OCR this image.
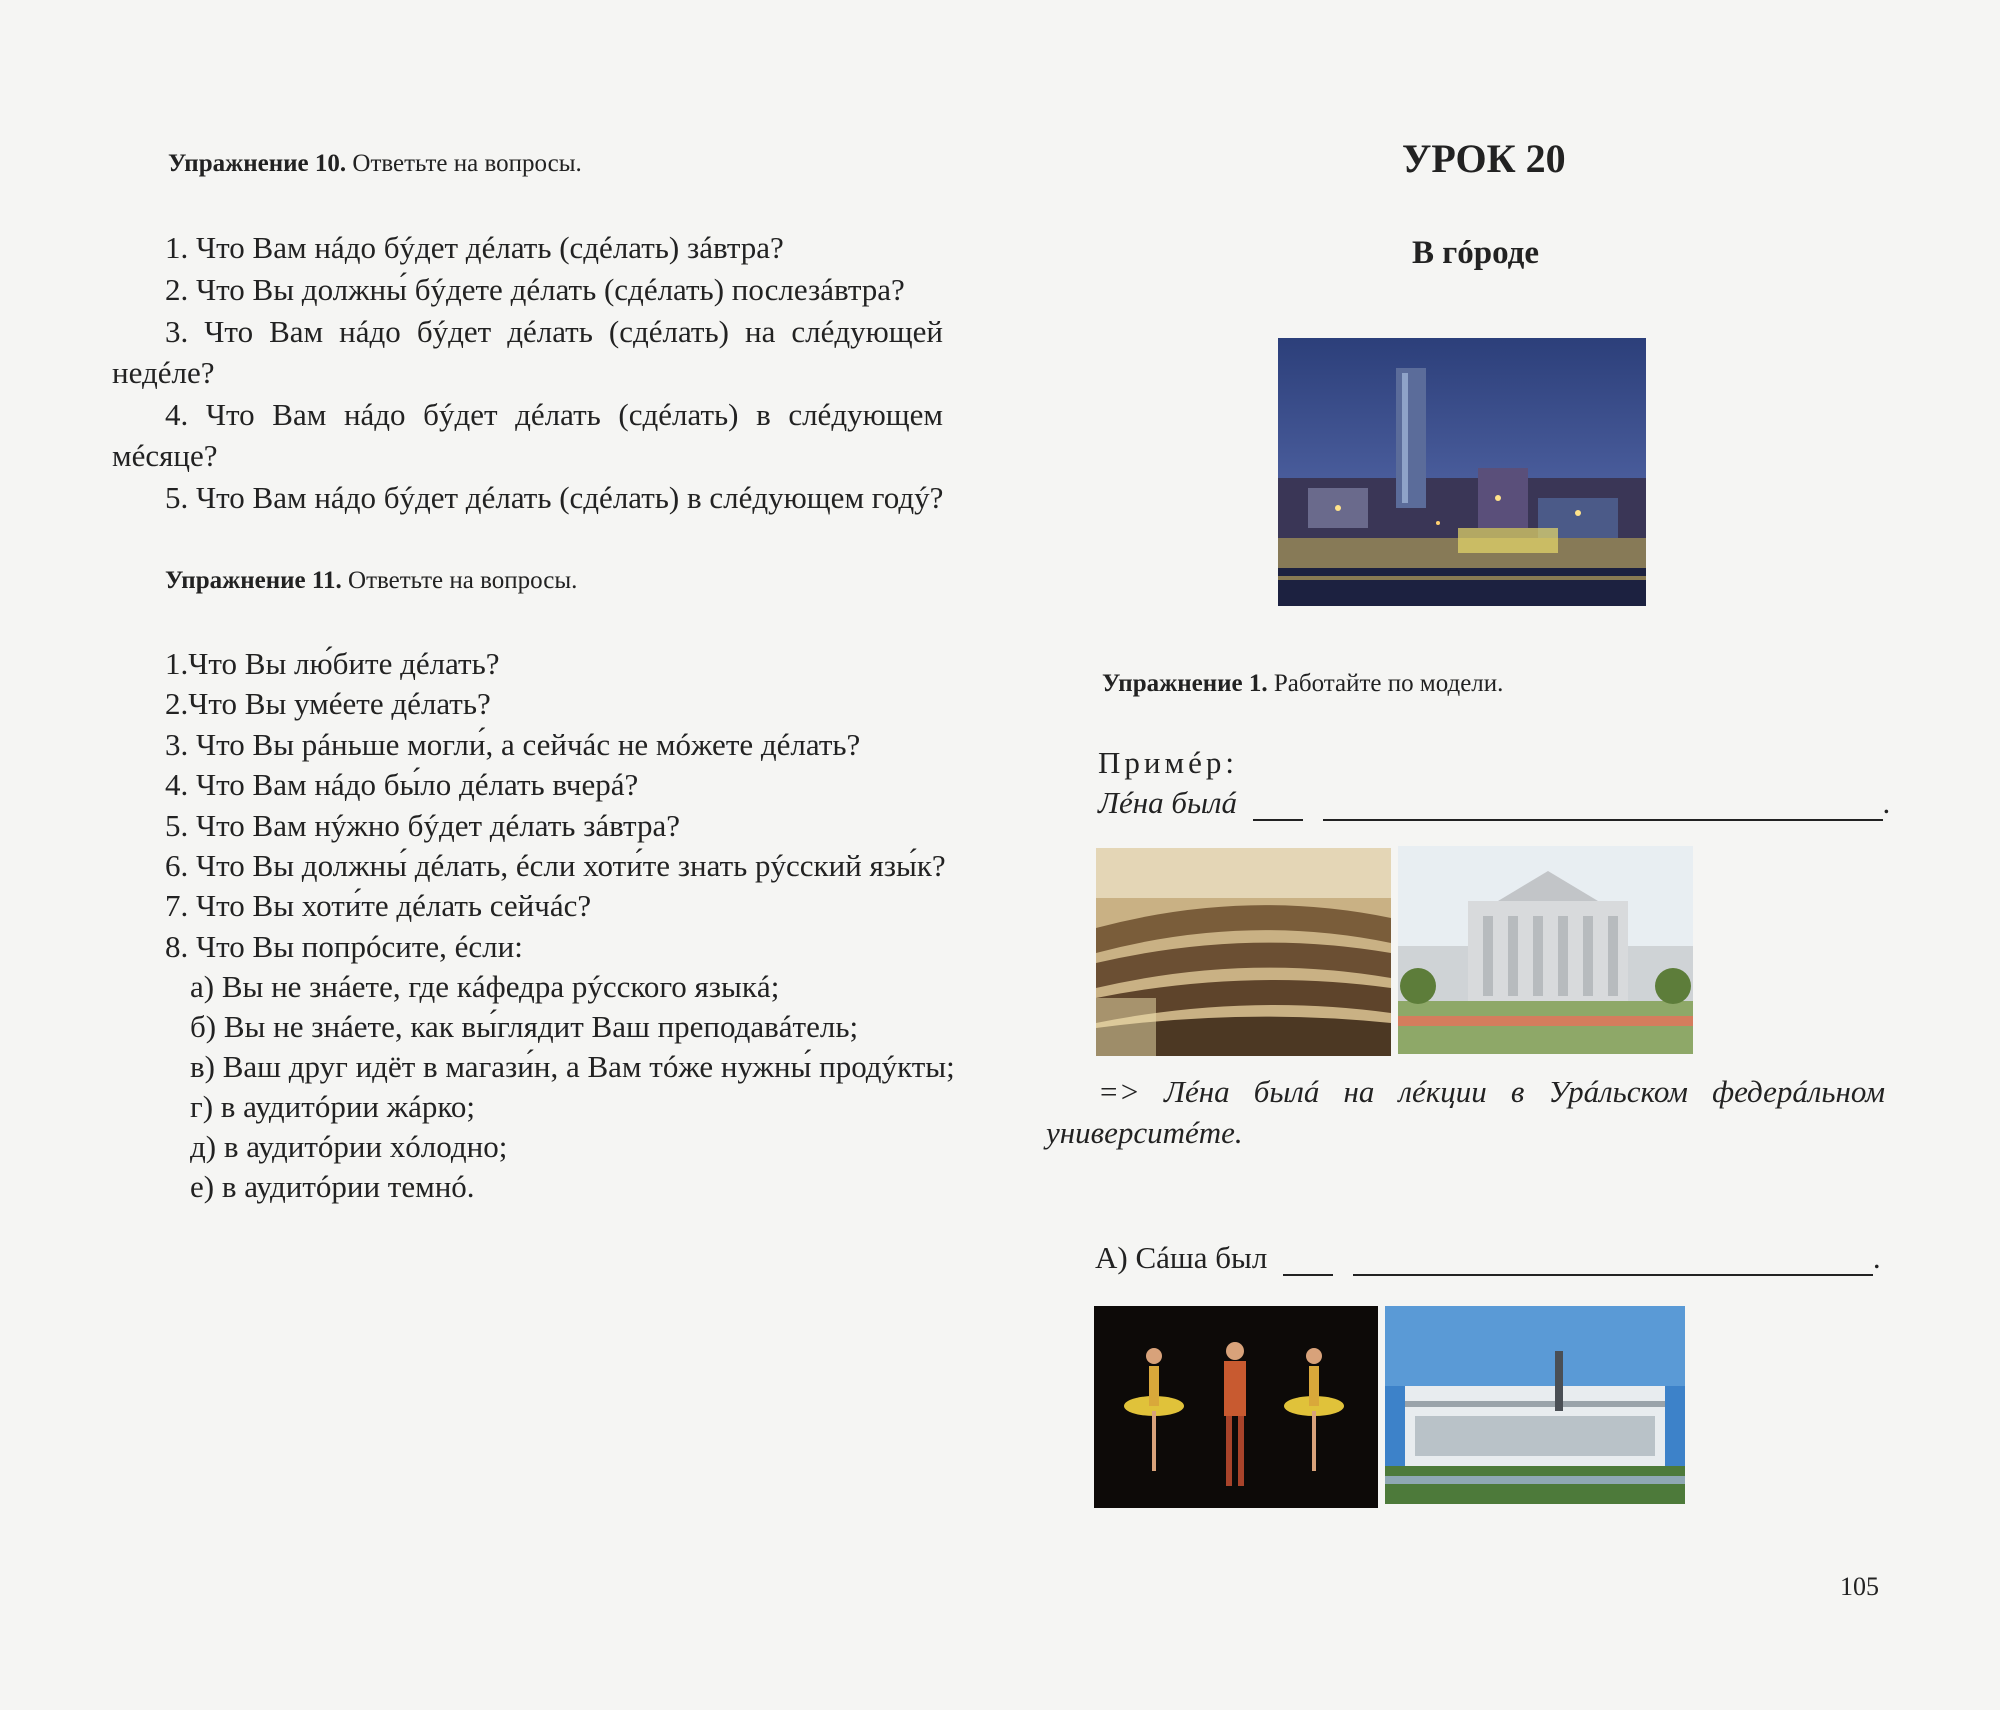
Упражнение 10. Ответьте на вопросы.
1. Что Вам нáдо бýдет дéлать (сдéлать) зáвтра?
2. Что Вы должны́ бýдете дéлать (сдéлать) послезáвтра?
3. Что Вам нáдо бýдет дéлать (сдéлать) на слéдующей
недéле?
4. Что Вам нáдо бýдет дéлать (сдéлать) в слéдующем
мéсяце?
5. Что Вам нáдо бýдет дéлать (сдéлать) в слéдующем годý?
Упражнение 11. Ответьте на вопросы.
1.Что Вы лю́бите дéлать?
2.Что Вы умéете дéлать?
3. Что Вы рáньше могли́, а сейчáс не мóжете дéлать?
4. Что Вам нáдо бы́ло дéлать вчерá?
5. Что Вам нýжно бýдет дéлать зáвтра?
6. Что Вы должны́ дéлать, éсли хоти́те знать рýсский язы́к?
7. Что Вы хоти́те дéлать сейчáс?
8. Что Вы попрóсите, éсли:
а) Вы не знáете, где кáфедра рýсского языкá;
б) Вы не знáете, как вы́глядит Ваш преподавáтель;
в) Ваш друг идёт в магази́н, а Вам тóже нужны́ продýкты;
г) в аудитóрии жáрко;
д) в аудитóрии хóлодно;
е) в аудитóрии темнó.
УРОК 20
В гóроде
Упражнение 1. Работайте по модели.
Примéр:
Лéна былá	.
=> Лéна былá на лéкции в Урáльском федерáльном
университéте.
А) Сáша был	.
105
